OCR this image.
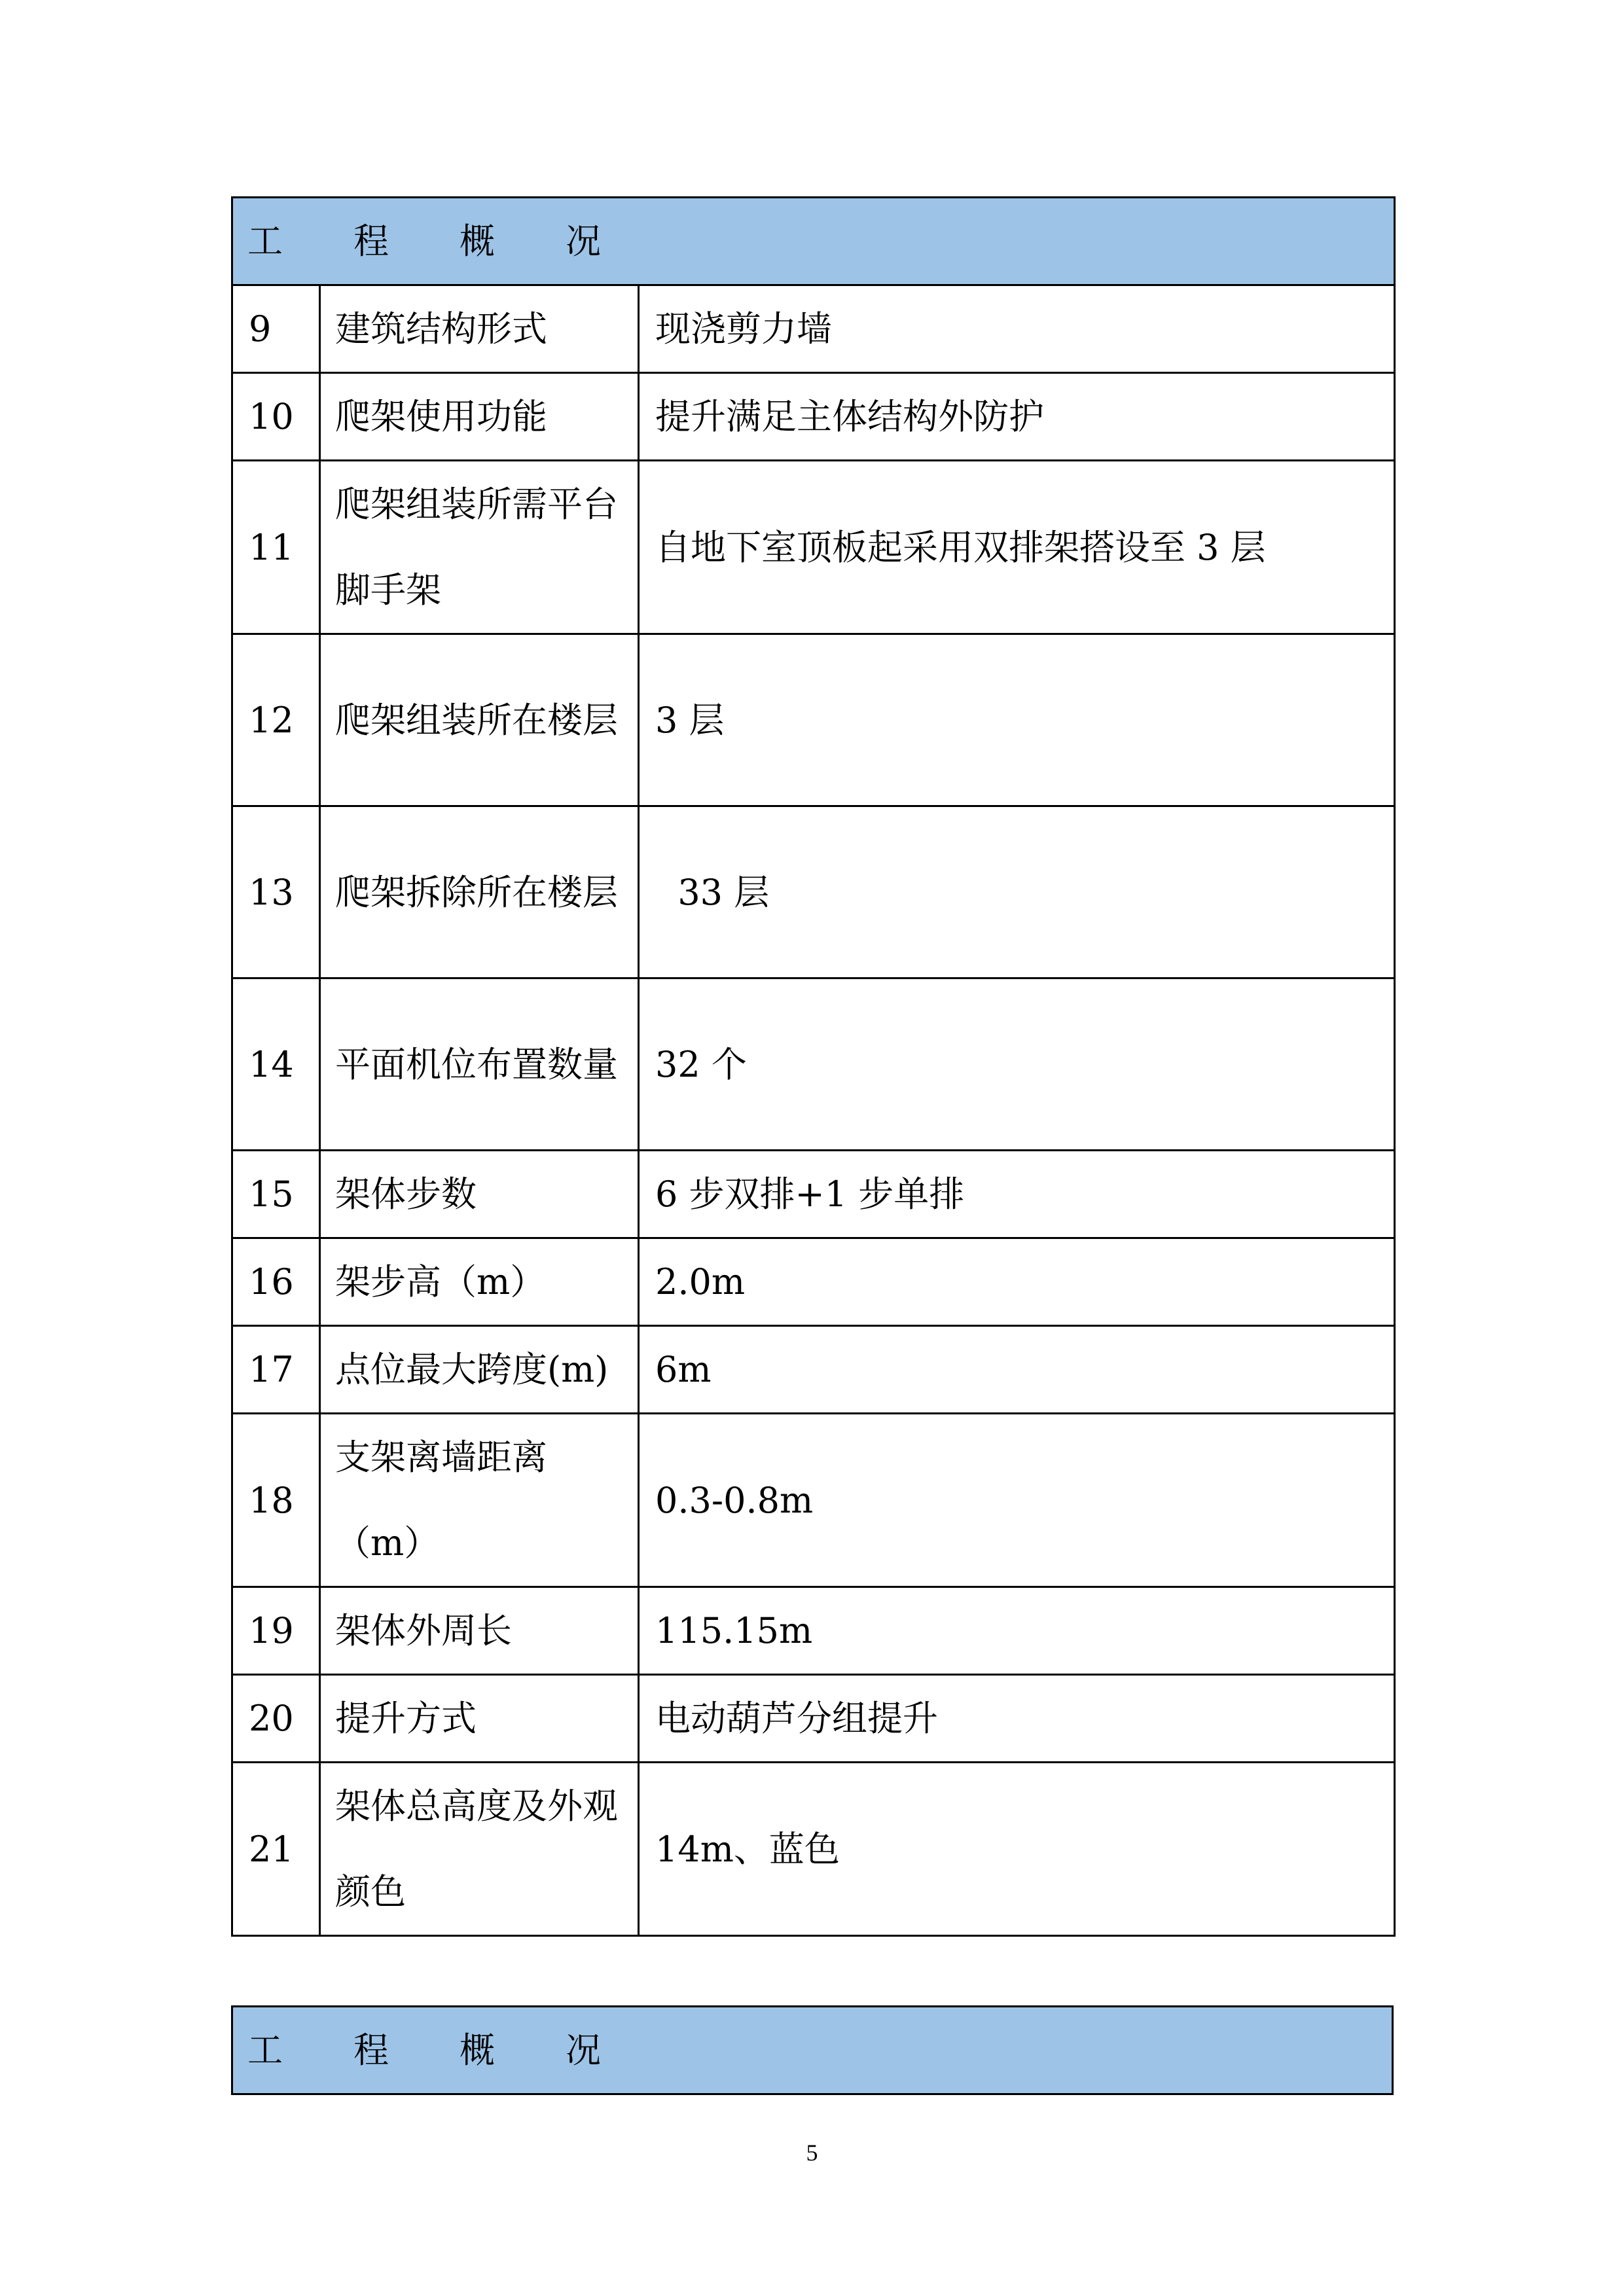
工　　程　　概　　况		
9	建筑结构形式	现浇剪力墙
10	爬架使用功能	提升满足主体结构外防护
11	爬架组装所需平台脚手架	自地下室顶板起采用双排架搭设至 3 层
12	爬架组装所在楼层	3 层
13	爬架拆除所在楼层	33 层
14	平面机位布置数量	32 个
15	架体步数	6 步双排+1 步单排
16	架步高（m）	2.0m
17	点位最大跨度(m)	6m
18	支架离墙距离（m）	0.3-0.8m
19	架体外周长	115.15m
20	提升方式	电动葫芦分组提升
21	架体总高度及外观颜色	14m、蓝色
工　　程　　概　　况
5
